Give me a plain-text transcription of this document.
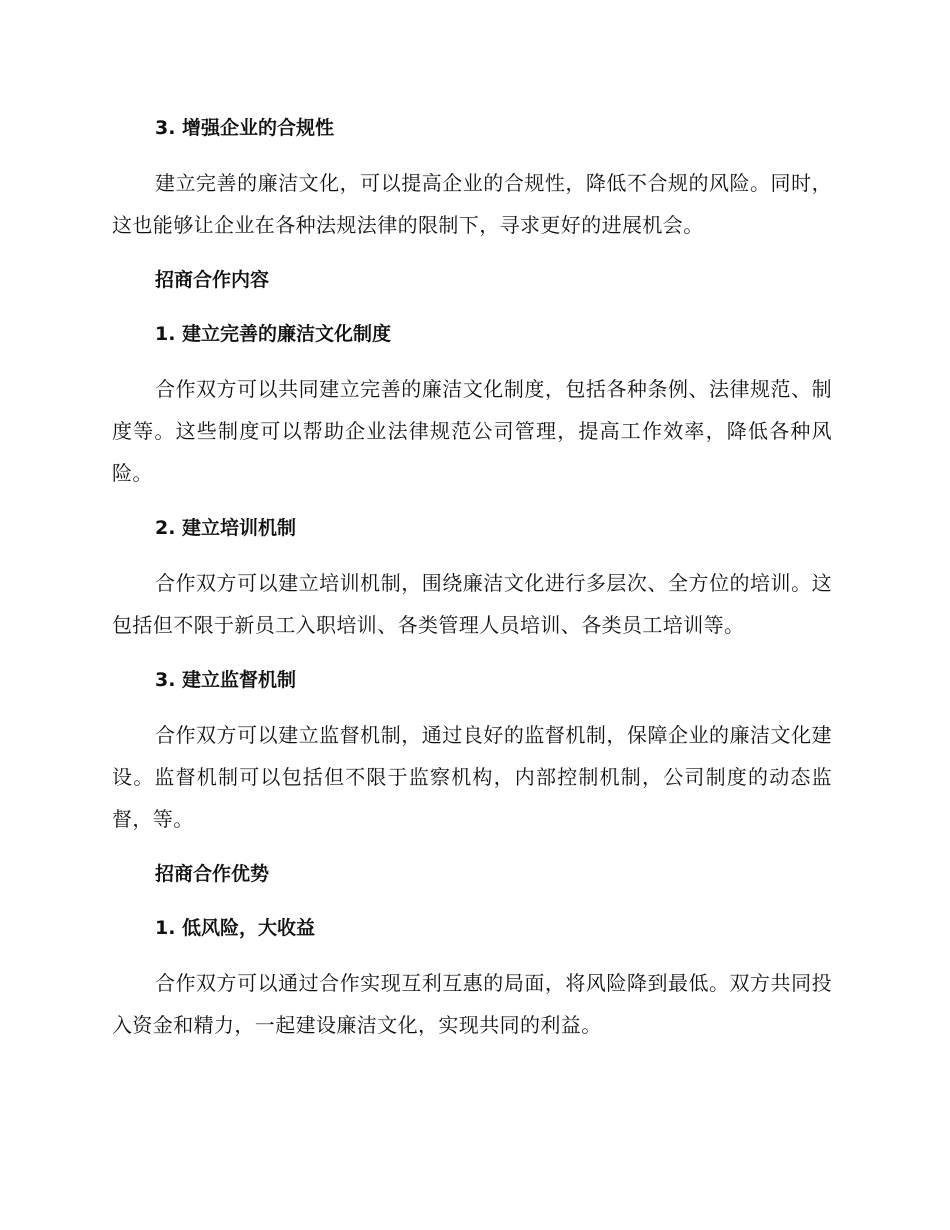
3. 增强企业的合规性

建立完善的廉洁文化，可以提高企业的合规性，降低不合规的风险。同时，这也能够让企业在各种法规法律的限制下，寻求更好的进展机会。

招商合作内容
1. 建立完善的廉洁文化制度

合作双方可以共同建立完善的廉洁文化制度，包括各种条例、法律规范、制度等。这些制度可以帮助企业法律规范公司管理，提高工作效率，降低各种风险。

2. 建立培训机制

合作双方可以建立培训机制，围绕廉洁文化进行多层次、全方位的培训。这包括但不限于新员工入职培训、各类管理人员培训、各类员工培训等。

3. 建立监督机制

合作双方可以建立监督机制，通过良好的监督机制，保障企业的廉洁文化建设。监督机制可以包括但不限于监察机构，内部控制机制，公司制度的动态监督，等。

招商合作优势
1. 低风险，大收益

合作双方可以通过合作实现互利互惠的局面，将风险降到最低。双方共同投入资金和精力，一起建设廉洁文化，实现共同的利益。
